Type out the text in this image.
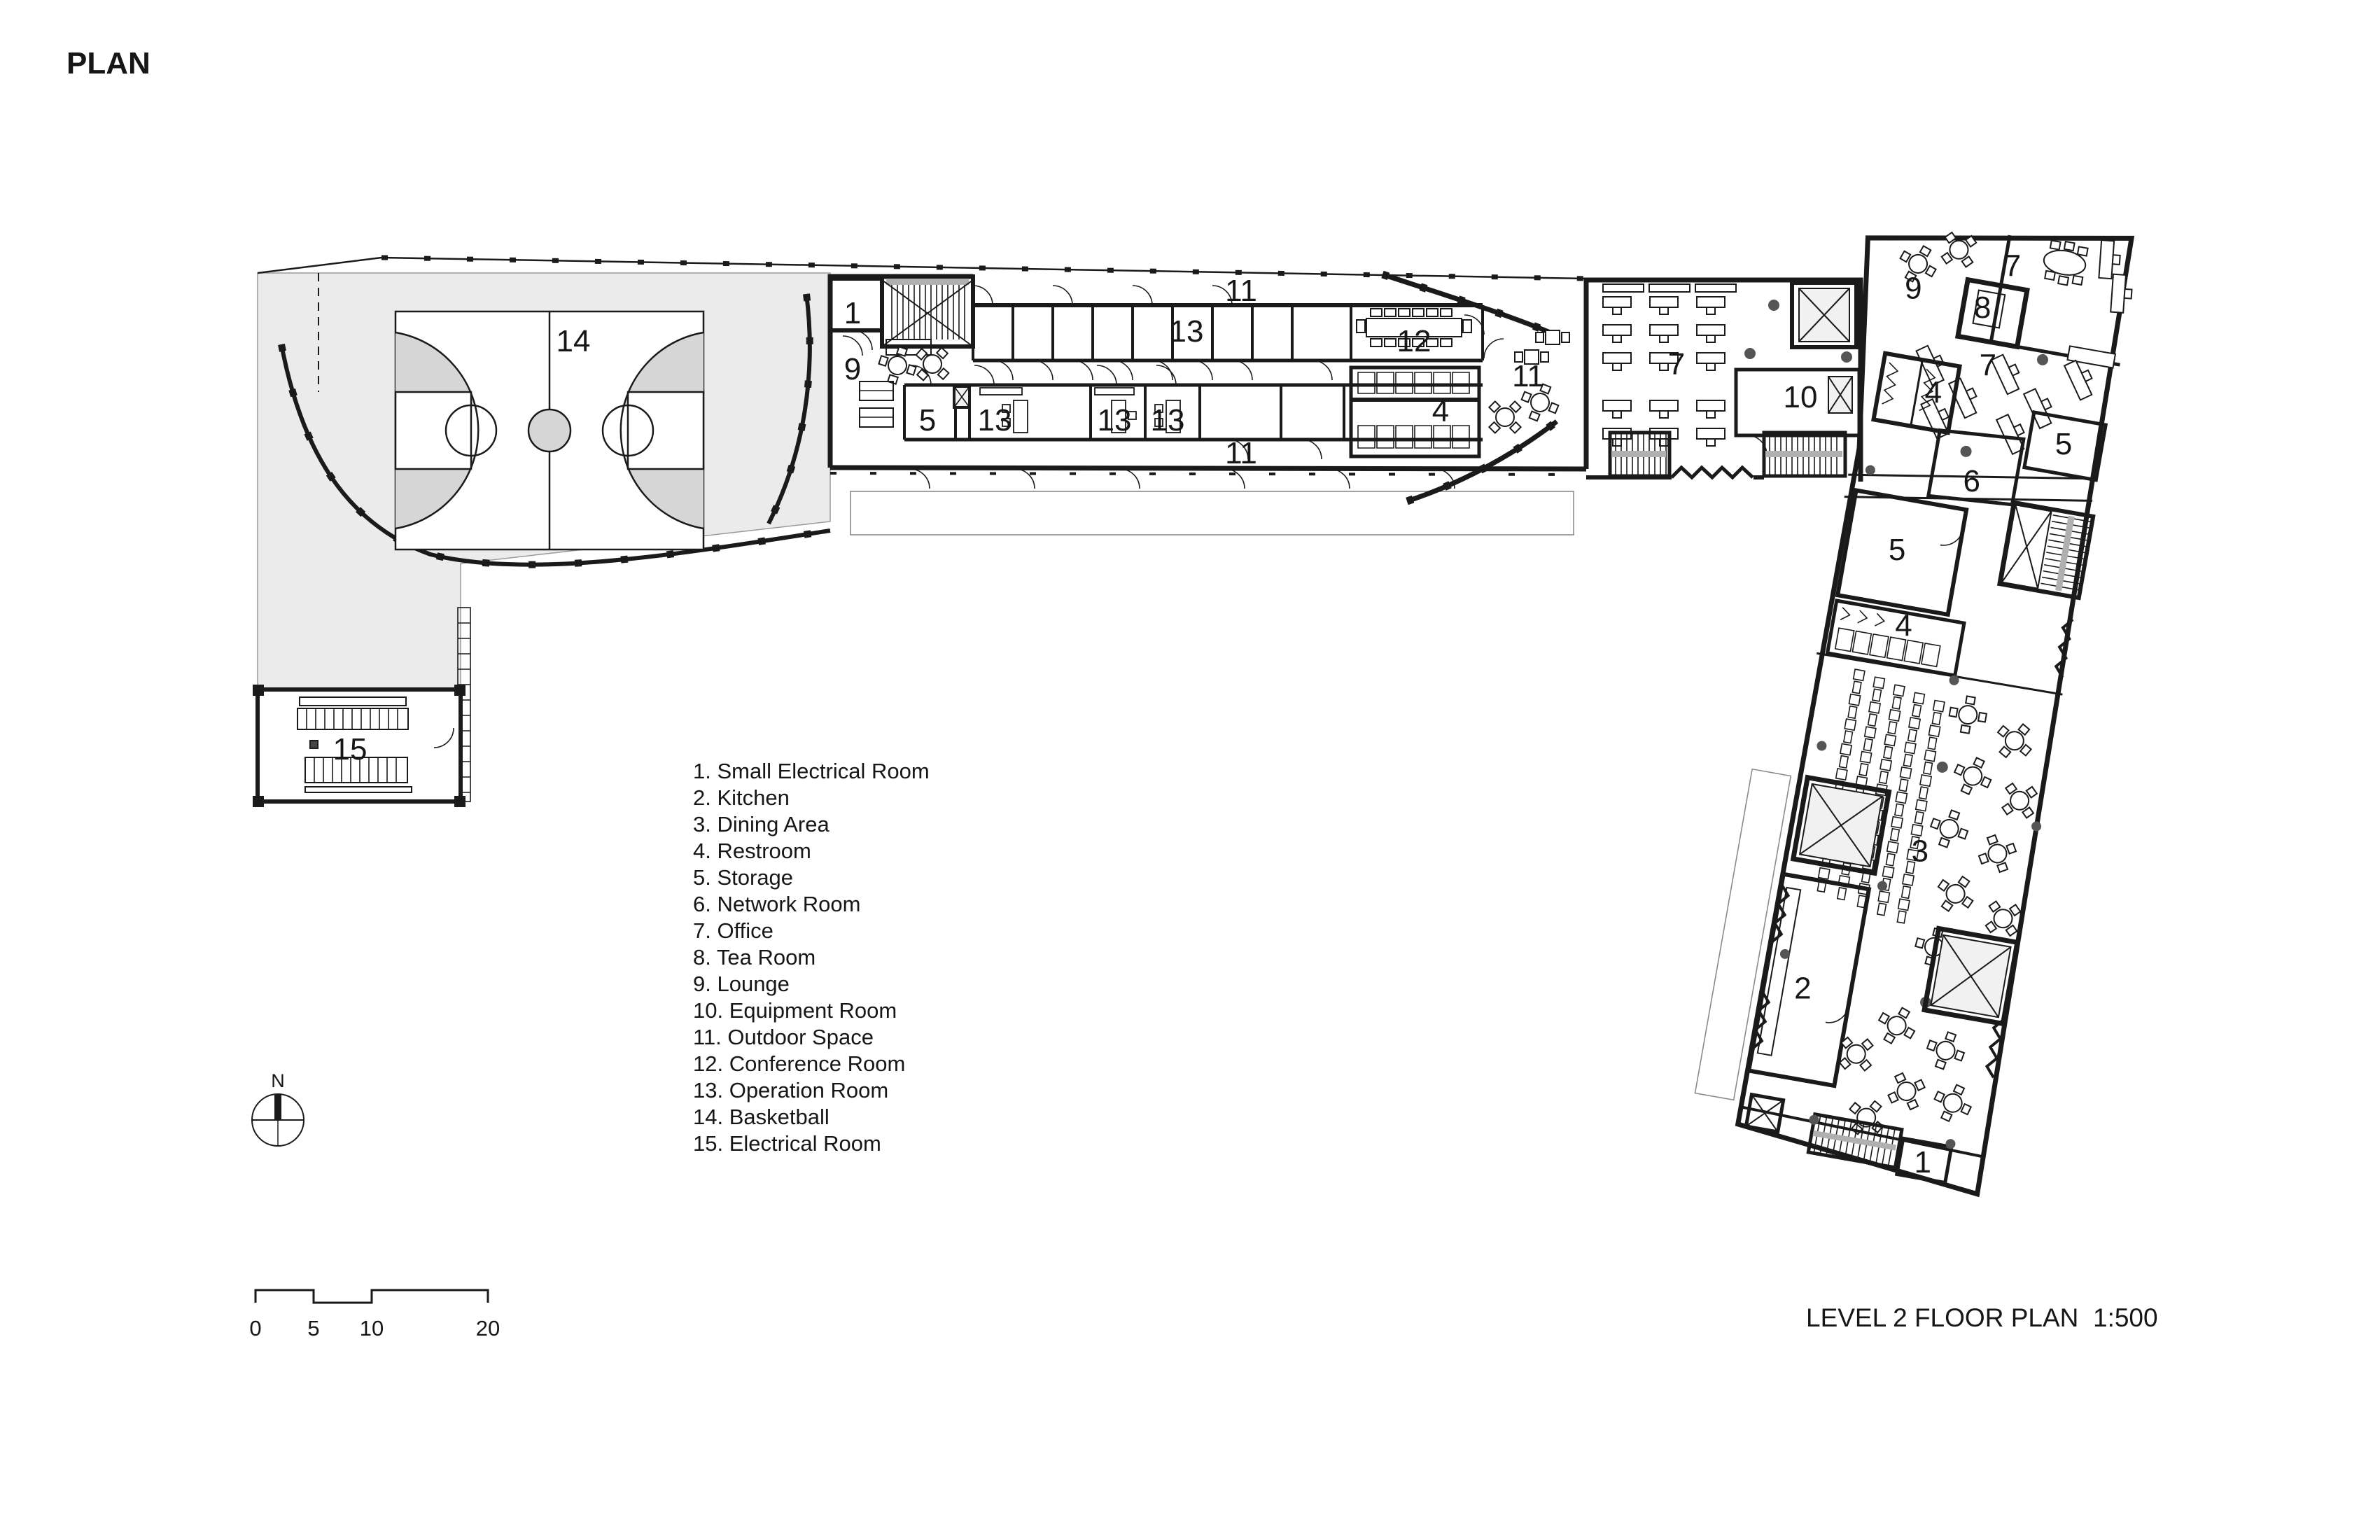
14
15
1
9
5 13	13 13
13
11
11
12
4
11	7
10
9
7
8
7
4
6
5
5
4
3
2
1
PLAN
1. Small Electrical Room
2. Kitchen
3. Dining Area
4. Restroom
5. Storage
6. Network Room
7. Office
8. Tea Room
9. Lounge
10. Equipment Room
11. Outdoor Space
12. Conference Room
13. Operation Room
14. Basketball
15. Electrical Room
N
0 5 10	20	LEVEL 2 FLOOR PLAN 1:500
